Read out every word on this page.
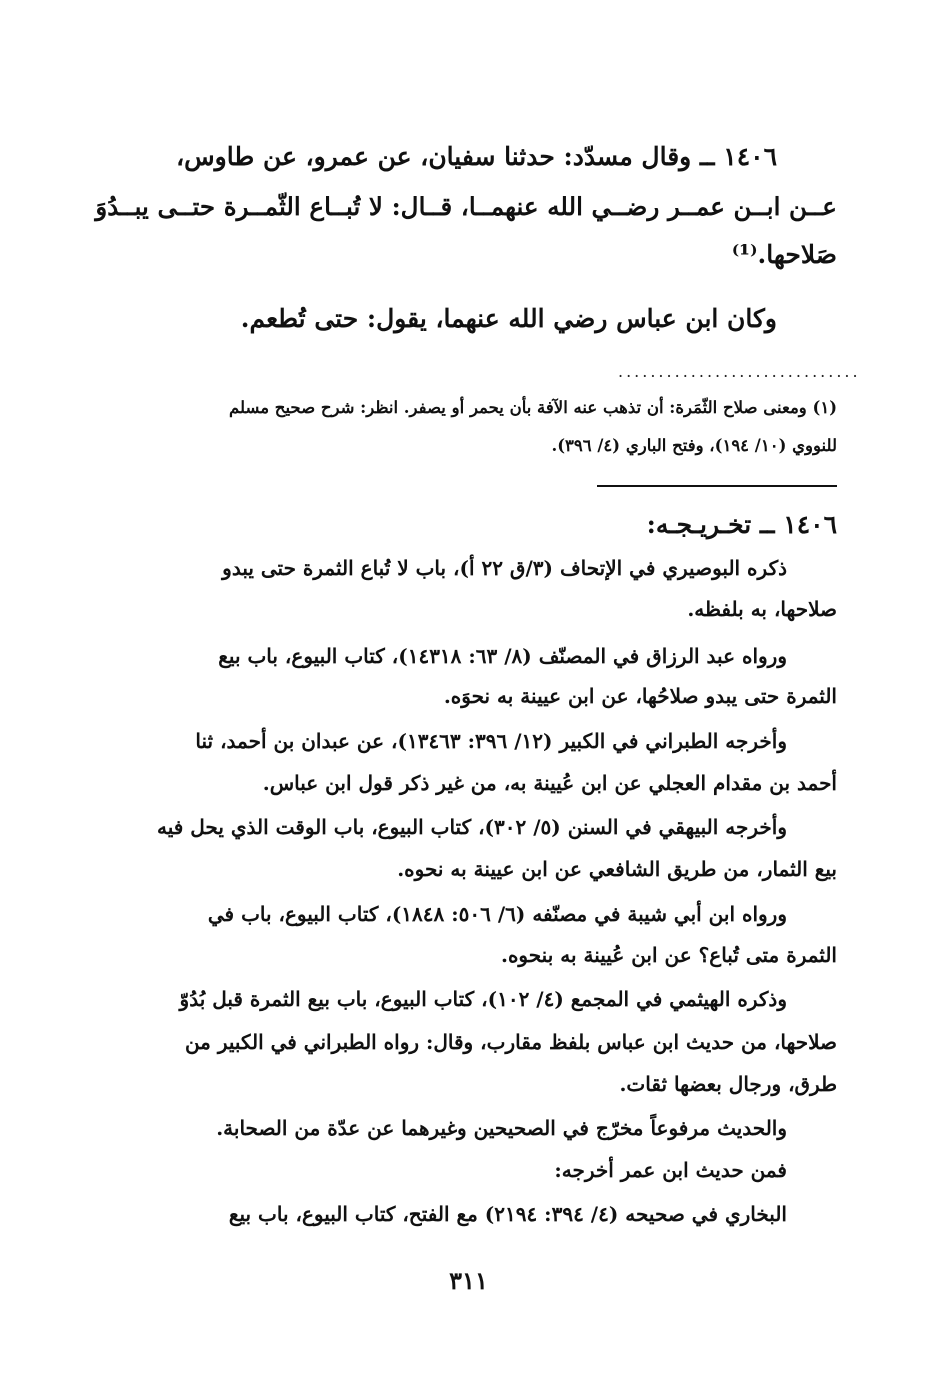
١٤٠٦ ــ وقال مسدّد: حدثنا سفيان، عن عمرو، عن طاوس،
عــن ابــن عمــر رضــي الله عنهمــا، قــال: لا تُبــاع الثّمــرة حتــى يبــدُوَ
صَلاحها.⁽¹⁾
وكان ابن عباس رضي الله عنهما، يقول: حتى تُطعم.
..............................
(١) ومعنى صلاح الثّمَرة: أن تذهب عنه الآفة بأن يحمر أو يصفر. انظر: شرح صحيح مسلم
للنووي (١٠/ ١٩٤)، وفتح الباري (٤/ ٣٩٦).
١٤٠٦ ــ تخـريـجـه:
ذكره البوصيري في الإتحاف (٣/ق ٢٢ أ)، باب لا تُباع الثمرة حتى يبدو
صلاحها، به بلفظه.
ورواه عبد الرزاق في المصنّف (٨/ ٦٣: ١٤٣١٨)، كتاب البيوع، باب بيع
الثمرة حتى يبدو صلاحُها، عن ابن عيينة به نحوَه.
وأخرجه الطبراني في الكبير (١٢/ ٣٩٦: ١٣٤٦٣)، عن عبدان بن أحمد، ثنا
أحمد بن مقدام العجلي عن ابن عُيينة به، من غير ذكر قول ابن عباس.
وأخرجه البيهقي في السنن (٥/ ٣٠٢)، كتاب البيوع، باب الوقت الذي يحل فيه
بيع الثمار، من طريق الشافعي عن ابن عيينة به نحوه.
ورواه ابن أبي شيبة في مصنّفه (٦/ ٥٠٦: ١٨٤٨)، كتاب البيوع، باب في
الثمرة متى تُباع؟ عن ابن عُيينة به بنحوه.
وذكره الهيثمي في المجمع (٤/ ١٠٢)، كتاب البيوع، باب بيع الثمرة قبل بُدُوّ
صلاحها، من حديث ابن عباس بلفظ مقارب، وقال: رواه الطبراني في الكبير من
طرق، ورجال بعضها ثقات.
والحديث مرفوعاً مخرّج في الصحيحين وغيرهما عن عدّة من الصحابة.
فمن حديث ابن عمر أخرجه:
البخاري في صحيحه (٤/ ٣٩٤: ٢١٩٤) مع الفتح، كتاب البيوع، باب بيع
٣١١
